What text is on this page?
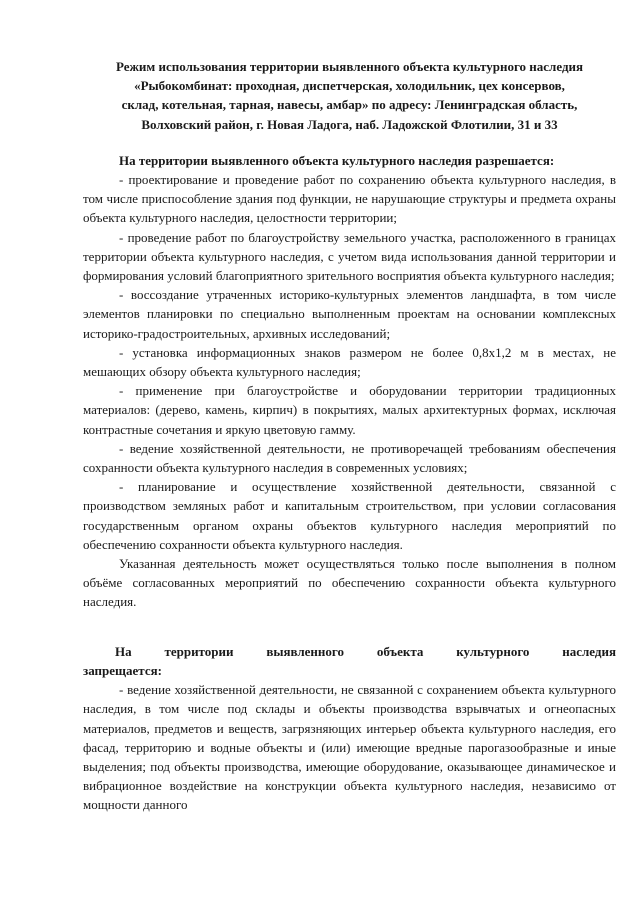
Режим использования территории выявленного объекта культурного наследия
«Рыбокомбинат: проходная, диспетчерская, холодильник, цех консервов,
склад, котельная, тарная, навесы, амбар» по адресу: Ленинградская область,
Волховский район, г. Новая Ладога, наб. Ладожской Флотилии, 31 и 33

На территории выявленного объекта культурного наследия разрешается:

- проектирование и проведение работ по сохранению объекта культурного наследия, в том числе приспособление здания под функции, не нарушающие структуры и предмета охраны объекта культурного наследия, целостности территории;

- проведение работ по благоустройству земельного участка, расположенного в границах территории объекта культурного наследия, с учетом вида использования данной территории и формирования условий благоприятного зрительного восприятия объекта культурного наследия;

- воссоздание утраченных историко-культурных элементов ландшафта, в том числе элементов планировки по специально выполненным проектам на основании комплексных историко-градостроительных, архивных исследований;

- установка информационных знаков размером не более 0,8х1,2 м в местах, не мешающих обзору объекта культурного наследия;

- применение при благоустройстве и оборудовании территории традиционных материалов: (дерево, камень, кирпич) в покрытиях, малых архитектурных формах, исключая контрастные сочетания и яркую цветовую гамму.

- ведение хозяйственной деятельности, не противоречащей требованиям обеспечения сохранности объекта культурного наследия в современных условиях;

- планирование и осуществление хозяйственной деятельности, связанной с производством земляных работ и капитальным строительством, при условии согласования государственным органом охраны объектов культурного наследия мероприятий по обеспечению сохранности объекта культурного наследия.

Указанная деятельность может осуществляться только после выполнения в полном объёме согласованных мероприятий по обеспечению сохранности объекта культурного наследия.

На территории выявленного объекта культурного наследия

запрещается:

- ведение хозяйственной деятельности, не связанной с сохранением объекта культурного наследия, в том числе под склады и объекты производства взрывчатых и огнеопасных материалов, предметов и веществ, загрязняющих интерьер объекта культурного наследия, его фасад, территорию и водные объекты и (или) имеющие вредные парогазообразные и иные выделения; под объекты производства, имеющие оборудование, оказывающее динамическое и вибрационное воздействие на конструкции объекта культурного наследия, независимо от мощности данного
